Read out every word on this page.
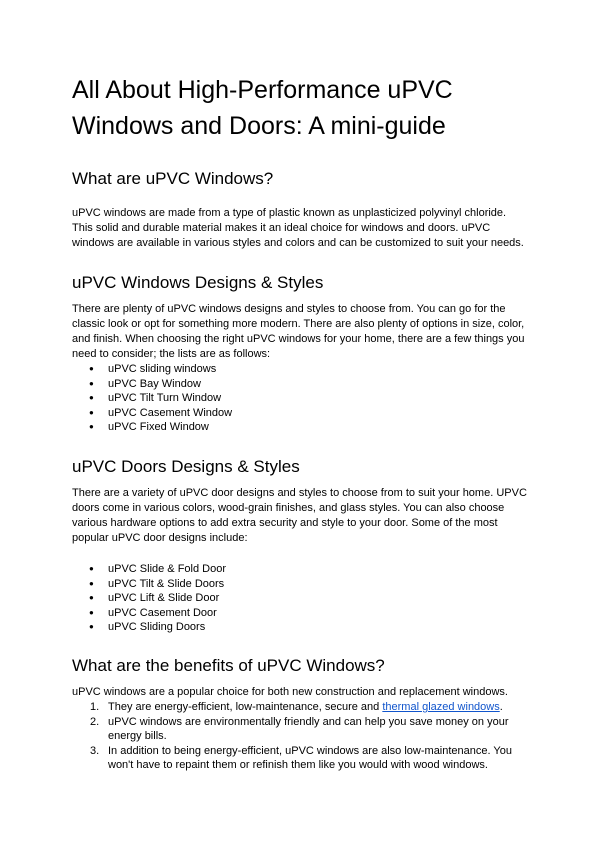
All About High-Performance uPVC Windows and Doors: A mini-guide
What are uPVC Windows?

uPVC windows are made from a type of plastic known as unplasticized polyvinyl chloride. This solid and durable material makes it an ideal choice for windows and doors. uPVC windows are available in various styles and colors and can be customized to suit your needs.

uPVC Windows Designs & Styles

There are plenty of uPVC windows designs and styles to choose from. You can go for the classic look or opt for something more modern. There are also plenty of options in size, color, and finish. When choosing the right uPVC windows for your home, there are a few things you need to consider; the lists are as follows:

● uPVC sliding windows
● uPVC Bay Window
● uPVC Tilt Turn Window
● uPVC Casement Window
● uPVC Fixed Window
uPVC Doors Designs & Styles

There are a variety of uPVC door designs and styles to choose from to suit your home. UPVC doors come in various colors, wood-grain finishes, and glass styles. You can also choose various hardware options to add extra security and style to your door. Some of the most popular uPVC door designs include:

● uPVC Slide & Fold Door
● uPVC Tilt & Slide Doors
● uPVC Lift & Slide Door
● uPVC Casement Door
● uPVC Sliding Doors
What are the benefits of uPVC Windows?

uPVC windows are a popular choice for both new construction and replacement windows.

1. They are energy-efficient, low-maintenance, secure and thermal glazed windows.
2. uPVC windows are environmentally friendly and can help you save money on your energy bills.
3. In addition to being energy-efficient, uPVC windows are also low-maintenance. You won't have to repaint them or refinish them like you would with wood windows.
